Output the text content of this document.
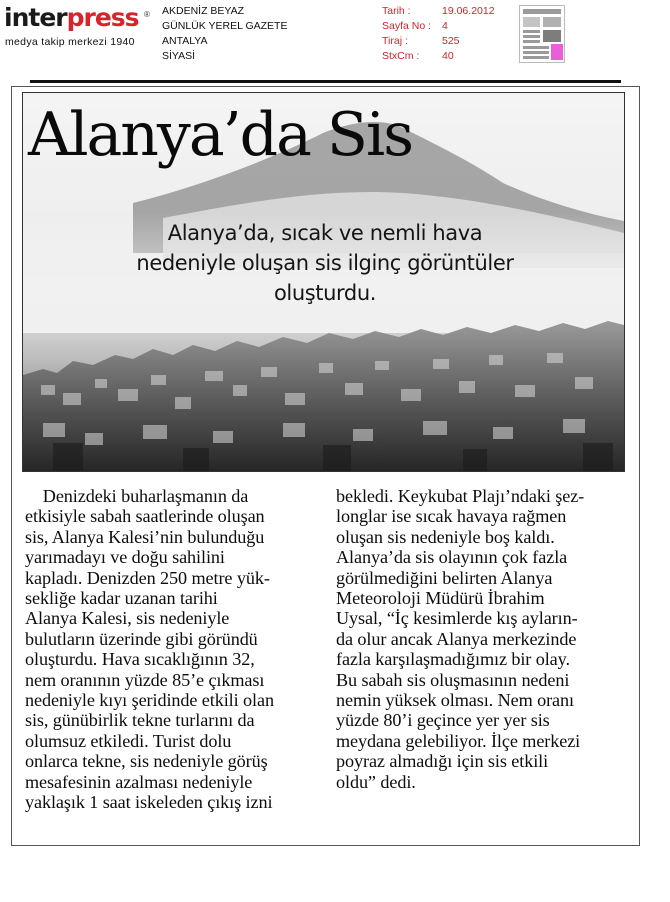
interpress ®
medya takip merkezi 1940
AKDENİZ BEYAZ
GÜNLÜK YEREL GAZETE
ANTALYA
SİYASİ
Tarih :	19.06.2012
Sayfa No :	4
Tiraj :	525
StxCm :	40
Alanya’da Sis
Alanya’da, sıcak ve nemli hava
nedeniyle oluşan sis ilginç görüntüler
oluşturdu.
Denizdeki buharlaşmanın da
etkisiyle sabah saatlerinde oluşan
sis, Alanya Kalesi’nin bulunduğu
yarımadayı ve doğu sahilini
kapladı. Denizden 250 metre yük-
sekliğe kadar uzanan tarihi
Alanya Kalesi, sis nedeniyle
bulutların üzerinde gibi göründü
oluşturdu. Hava sıcaklığının 32,
nem oranının yüzde 85’e çıkması
nedeniyle kıyı şeridinde etkili olan
sis, günübirlik tekne turlarını da
olumsuz etkiledi. Turist dolu
onlarca tekne, sis nedeniyle görüş
mesafesinin azalması nedeniyle
yaklaşık 1 saat iskeleden çıkış izni
bekledi. Keykubat Plajı’ndaki şez-
longlar ise sıcak havaya rağmen
oluşan sis nedeniyle boş kaldı.
Alanya’da sis olayının çok fazla
görülmediğini belirten Alanya
Meteoroloji Müdürü İbrahim
Uysal, “İç kesimlerde kış ayların-
da olur ancak Alanya merkezinde
fazla karşılaşmadığımız bir olay.
Bu sabah sis oluşmasının nedeni
nemin yüksek olması. Nem oranı
yüzde 80’i geçince yer yer sis
meydana gelebiliyor. İlçe merkezi
poyraz almadığı için sis etkili
oldu” dedi.
